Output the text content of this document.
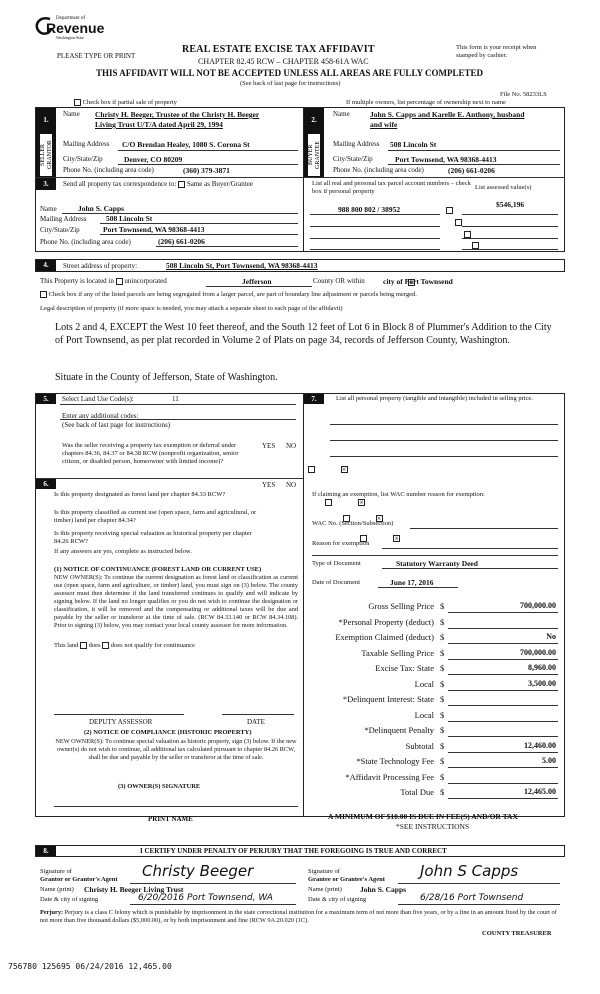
Department of
Revenue
Washington State
PLEASE TYPE OR PRINT
REAL ESTATE EXCISE TAX AFFIDAVIT
CHAPTER 82.45 RCW – CHAPTER 458-61A WAC
This form is your receipt when stamped by cashier.
THIS AFFIDAVIT WILL NOT BE ACCEPTED UNLESS ALL AREAS ARE FULLY COMPLETED
(See back of last page for instructions)
File No. 58233LS
Check box if partial sale of property	If multiple owners, list percentage of ownership next to name
1.
SELLER GRANTOR
Name Christy H. Beeger, Trustee of the Christy H. Beeger
Living Trust U/T/A dated April 29, 1994
Mailing Address C/O Brendan Healey, 1080 S. Corona St
City/State/Zip	Denver, CO 80209
Phone No. (including area code)	(360) 379-3871
2.
BUYER GRANTEE
Name	John S. Capps and Karelle E. Anthony, husband
and wife
Mailing Address 508 Lincoln St
City/State/Zip	Port Townsend, WA 98368-4413
Phone No. (including area code)	(206) 661-0206
3.	Send all property tax correspondence to: Same as Buyer/Grantee
Name	John S. Capps
Mailing Address	508 Lincoln St
City/State/Zip	Port Townsend, WA 98368-4413
Phone No. (including area code)	(206) 661-0206
List all real and personal tax parcel account numbers – check box if personal property
List assessed value(s)
988 800 802 / 38952
$546,196

4.	Street address of property:	508 Lincoln St, Port Townsend, WA 98368-4413
This Property is located in unincorporated	Jefferson	County OR within × city of Port Townsend
Check box if any of the listed parcels are being segregated from a larger parcel, are part of boundary line adjustment or parcels being merged.
Legal description of property (if more space is needed, you may attach a separate sheet to each page of the affidavit)
Lots 2 and 4, EXCEPT the West 10 feet thereof, and the South 12 feet of Lot 6 in Block 8 of Plummer's Addition to the City of Port Townsend, as per plat recorded in Volume 2 of Plats on page 34, records of Jefferson County, Washington.
Situate in the County of Jefferson, State of Washington.
5.	Select Land Use Code(s):	11
Enter any additional codes:
(See back of last page for instructions)
Was the seller receiving a property tax exemption or deferral under chapters 84.36, 84.37 or 84.38 RCW (nonprofit organization, senior citizen, or disabled person, homeowner with limited income)?
YES NO
×
6.	YES NO
Is this property designated as forest land per chapter 84.33 RCW?
×
Is this property classified as current use (open space, farm and agricultural, or timber) land per chapter 84.34?
×
Is this property receiving special valuation as historical property per chapter 84.26 RCW?
×
If any answers are yes, complete as instructed below.
(1) NOTICE OF CONTINUANCE (FOREST LAND OR CURRENT USE)
NEW OWNER(S): To continue the current designation as forest land or classification as current use (open space, farm and agriculture, or timber) land, you must sign on (3) below. The county assessor must then determine if the land transferred continues to qualify and will indicate by signing below. If the land no longer qualifies or you do not wish to continue the designation or classification, it will be removed and the compensating or additional taxes will be due and payable by the seller or transferor at the time of sale. (RCW 84.33.140 or RCW 84.34.108). Prior to signing (3) below, you may contact your local county assessor for more information.
This land does does not qualify for continuance
DEPUTY ASSESSOR	DATE
(2) NOTICE OF COMPLIANCE (HISTORIC PROPERTY)
NEW OWNER(S): To continue special valuation as historic property, sign (3) below. If the new owner(s) do not wish to continue, all additional tax calculated pursuant to chapter 84.26 RCW, shall be due and payable by the seller or transferor at the time of sale.
(3) OWNER(S) SIGNATURE
PRINT NAME
7.	List all personal property (tangible and intangible) included in selling price.
If claiming an exemption, list WAC number reason for exemption:
WAC No. (Section/Subsection)
Reason for exemption
Type of Document	Statutory Warranty Deed
Date of Document	June 17, 2016
Gross Selling Price $	700,000.00
*Personal Property (deduct) $
Exemption Claimed (deduct) $	No
Taxable Selling Price $	700,000.00
Excise Tax: State $	8,960.00
Local $	3,500.00
*Delinquent Interest: State $
Local $
*Delinquent Penalty $
Subtotal $	12,460.00
*State Technology Fee $	5.00
*Affidavit Processing Fee $
Total Due $	12,465.00
A MINIMUM OF $10.00 IS DUE IN FEE(S) AND/OR TAX
*SEE INSTRUCTIONS
8.	I CERTIFY UNDER PENALTY OF PERJURY THAT THE FOREGOING IS TRUE AND CORRECT
Signature of
Grantor or Grantor's Agent Christy Beeger
Name (print) Christy H. Beeger Living Trust
Date & city of signing	6/20/2016 Port Townsend, WA
Signature of
Grantee or Grantee's Agent John S Capps
Name (print) John S. Capps
Date & city of signing	6/28/16 Port Townsend
Perjury: Perjury is a class C felony which is punishable by imprisonment in the state correctional institution for a maximum term of not more than five years, or by a fine in an amount fixed by the court of not more than five thousand dollars ($5,000.00), or by both imprisonment and fine (RCW 9A.20.020 (1C).
COUNTY TREASURER
756780 125695 06/24/2016 12,465.00
